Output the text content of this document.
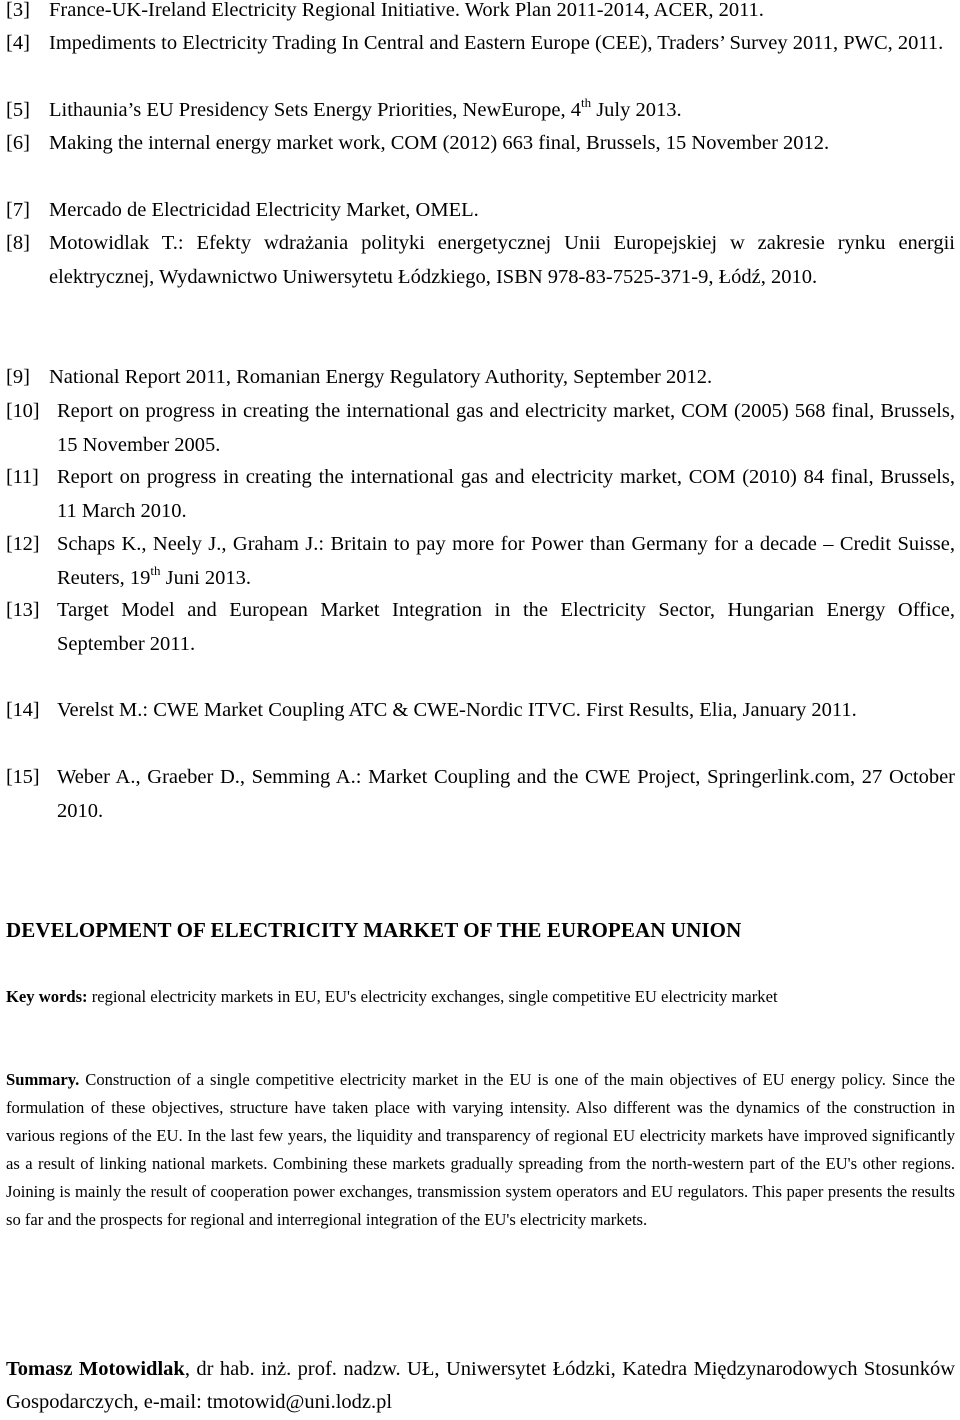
[3] France-UK-Ireland Electricity Regional Initiative. Work Plan 2011-2014, ACER, 2011.
[4] Impediments to Electricity Trading In Central and Eastern Europe (CEE), Traders’ Survey 2011, PWC, 2011.
[5] Lithaunia’s EU Presidency Sets Energy Priorities, NewEurope, 4th July 2013.
[6] Making the internal energy market work, COM (2012) 663 final, Brussels, 15 November 2012.
[7] Mercado de Electricidad Electricity Market, OMEL.
[8] Motowidlak T.: Efekty wdrażania polityki energetycznej Unii Europejskiej w zakresie rynku energii elektrycznej, Wydawnictwo Uniwersytetu Łódzkiego, ISBN 978-83-7525-371-9, Łódź, 2010.
[9] National Report 2011, Romanian Energy Regulatory Authority, September 2012.
[10] Report on progress in creating the international gas and electricity market, COM (2005) 568 final, Brussels, 15 November 2005.
[11] Report on progress in creating the international gas and electricity market, COM (2010) 84 final, Brussels, 11 March 2010.
[12] Schaps K., Neely J., Graham J.: Britain to pay more for Power than Germany for a decade – Credit Suisse, Reuters, 19th Juni 2013.
[13] Target Model and European Market Integration in the Electricity Sector, Hungarian Energy Office, September 2011.
[14] Verelst M.: CWE Market Coupling ATC & CWE-Nordic ITVC. First Results, Elia, January 2011.
[15] Weber A., Graeber D., Semming A.: Market Coupling and the CWE Project, Springerlink.com, 27 October 2010.
DEVELOPMENT OF ELECTRICITY MARKET OF THE EUROPEAN UNION
Key words: regional electricity markets in EU, EU's electricity exchanges, single competitive EU electricity market
Summary. Construction of a single competitive electricity market in the EU is one of the main objectives of EU energy policy. Since the formulation of these objectives, structure have taken place with varying intensity. Also different was the dynamics of the construction in various regions of the EU. In the last few years, the liquidity and transparency of regional EU electricity markets have improved significantly as a result of linking national markets. Combining these markets gradually spreading from the north-western part of the EU's other regions. Joining is mainly the result of cooperation power exchanges, transmission system operators and EU regulators. This paper presents the results so far and the prospects for regional and interregional integration of the EU's electricity markets.
Tomasz Motowidlak, dr hab. inż. prof. nadzw. UŁ, Uniwersytet Łódzki, Katedra Międzynarodowych Stosunków Gospodarczych, e-mail: tmotowid@uni.lodz.pl
